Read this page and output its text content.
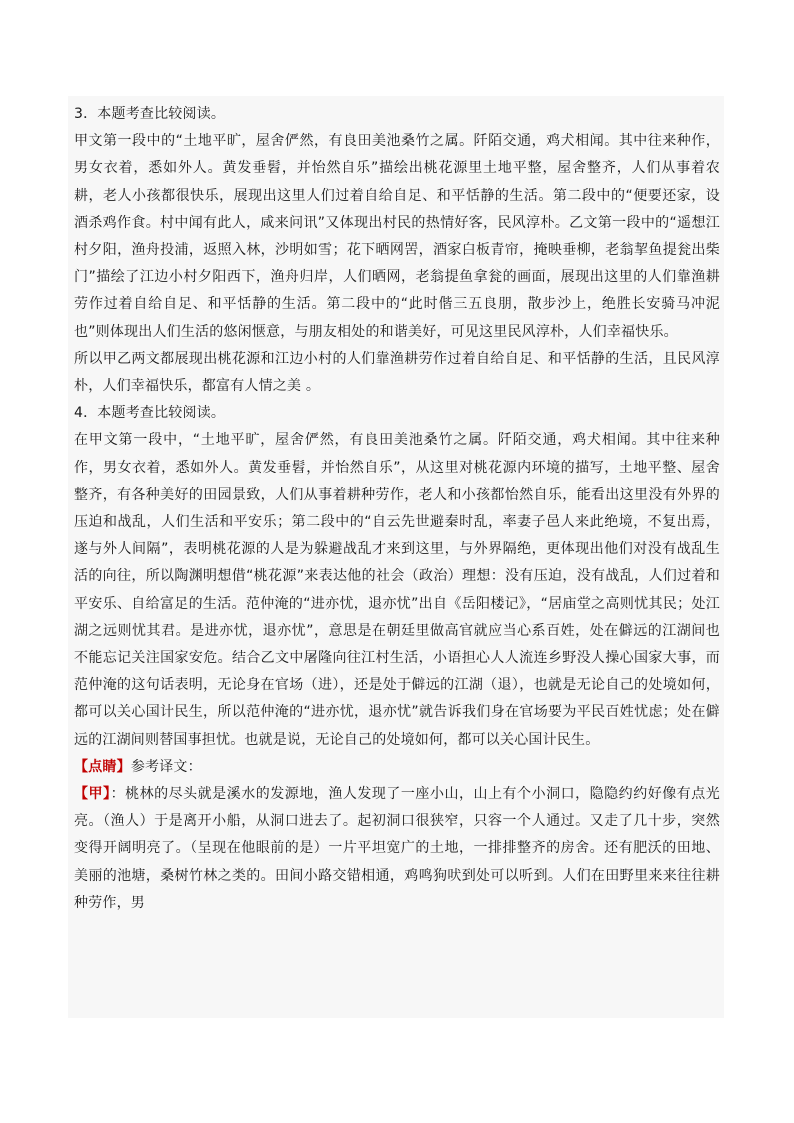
3．本题考查比较阅读。

甲文第一段中的“土地平旷，屋舍俨然，有良田美池桑竹之属。阡陌交通，鸡犬相闻。其中往来种作，男女衣着，悉如外人。黄发垂髫，并怡然自乐”描绘出桃花源里土地平整，屋舍整齐，人们从事着农耕，老人小孩都很快乐，展现出这里人们过着自给自足、和平恬静的生活。第二段中的“便要还家，设酒杀鸡作食。村中闻有此人，咸来问讯”又体现出村民的热情好客，民风淳朴。乙文第一段中的“遥想江村夕阳，渔舟投浦，返照入林，沙明如雪；花下晒网罟，酒家白板青帘，掩映垂柳，老翁挈鱼提瓮出柴门”描绘了江边小村夕阳西下，渔舟归岸，人们晒网，老翁提鱼拿瓮的画面，展现出这里的人们靠渔耕劳作过着自给自足、和平恬静的生活。第二段中的“此时偕三五良朋，散步沙上，绝胜长安骑马冲泥也”则体现出人们生活的悠闲惬意，与朋友相处的和谐美好，可见这里民风淳朴，人们幸福快乐。

所以甲乙两文都展现出桃花源和江边小村的人们靠渔耕劳作过着自给自足、和平恬静的生活，且民风淳朴，人们幸福快乐，都富有人情之美 。

4．本题考查比较阅读。

在甲文第一段中，“土地平旷，屋舍俨然，有良田美池桑竹之属。阡陌交通，鸡犬相闻。其中往来种作，男女衣着，悉如外人。黄发垂髫，并怡然自乐”，从这里对桃花源内环境的描写，土地平整、屋舍整齐，有各种美好的田园景致，人们从事着耕种劳作，老人和小孩都怡然自乐，能看出这里没有外界的压迫和战乱，人们生活和平安乐；第二段中的“自云先世避秦时乱，率妻子邑人来此绝境，不复出焉，遂与外人间隔”，表明桃花源的人是为躲避战乱才来到这里，与外界隔绝，更体现出他们对没有战乱生活的向往，所以陶渊明想借“桃花源”来表达他的社会（政治）理想：没有压迫，没有战乱，人们过着和平安乐、自给富足的生活。范仲淹的“进亦忧，退亦忧”出自《岳阳楼记》，“居庙堂之高则忧其民；处江湖之远则忧其君。是进亦忧，退亦忧”，意思是在朝廷里做高官就应当心系百姓，处在僻远的江湖间也不能忘记关注国家安危。结合乙文中屠隆向往江村生活，小语担心人人流连乡野没人操心国家大事，而范仲淹的这句话表明，无论身在官场（进），还是处于僻远的江湖（退），也就是无论自己的处境如何，都可以关心国计民生，所以范仲淹的“进亦忧，退亦忧”就告诉我们身在官场要为平民百姓忧虑；处在僻远的江湖间则替国事担忧。也就是说，无论自己的处境如何，都可以关心国计民生。

【点睛】参考译文：

【甲】：桃林的尽头就是溪水的发源地，渔人发现了一座小山，山上有个小洞口，隐隐约约好像有点光亮。（渔人）于是离开小船，从洞口进去了。起初洞口很狭窄，只容一个人通过。又走了几十步，突然变得开阔明亮了。（呈现在他眼前的是）一片平坦宽广的土地，一排排整齐的房舍。还有肥沃的田地、美丽的池塘，桑树竹林之类的。田间小路交错相通，鸡鸣狗吠到处可以听到。人们在田野里来来往往耕种劳作，男
